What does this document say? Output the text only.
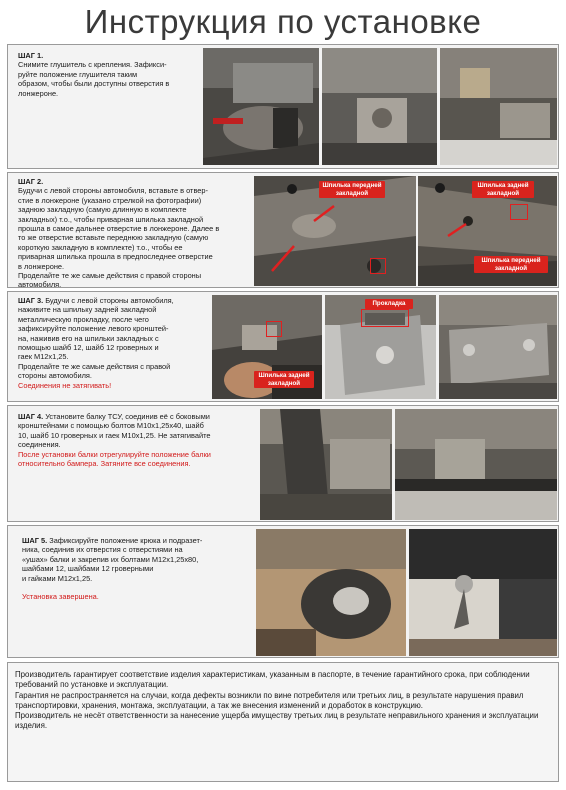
Инструкция по установке
ШАГ 1.
Снимите глушитель с крепления. Зафикси-
руйте положение глушителя таким
образом, чтобы были доступны отверстия в
лонжероне.
ШАГ 2.
Будучи с левой стороны автомобиля, вставьте в отвер-
стие в лонжероне (указано стрелкой на фотографии)
заднюю закладную (самую длинную в комплекте
закладных) т.о., чтобы приварная шпилька закладной
прошла в самое дальнее отверстие в лонжероне. Далее в
то же отверстие вставьте переднюю закладную (самую
короткую закладную в комплекте) т.о., чтобы ее
приварная шпилька прошла в предпоследнее отверстие
в лонжероне.
Проделайте те же самые действия с правой стороны
автомобиля.
Шпилька передней закладной
Шпилька задней закладной
Шпилька передней закладной
ШАГ 3. Будучи с левой стороны автомобиля,
наживите на шпильку задней закладной
металлическую прокладку, после чего
зафиксируйте положение левого кронштей-
на, наживив его на шпильки закладных с
помощью шайб 12, шайб 12 гроверных и
гаек М12х1,25.
Проделайте те же самые действия с правой
стороны автомобиля.
Соединения не затягивать!
Шпилька задней закладной
Прокладка
ШАГ 4. Установите балку ТСУ, соединив её с боковыми
кронштейнами с помощью болтов М10х1,25х40, шайб
10, шайб 10 гроверных и гаек М10х1,25. Не затягивайте
соединения.
После установки балки отрегулируйте положение балки
относительно бампера. Затяните все соединения.
ШАГ 5. Зафиксируйте положение крюка и подразет-
ника, соединив их отверстия с отверстиями на
«ушах» балки и закрепив их болтами М12х1,25х80,
шайбами 12, шайбами 12 гроверными
и гайками М12х1,25.

Установка завершена.

Производитель гарантирует соответствие изделия характеристикам, указанным в паспорте, в течение гарантийного срока, при соблюдении требований по установке и эксплуатации.

Гарантия не распространяется на случаи, когда дефекты возникли по вине потребителя или третьих лиц, в результате нарушения правил транспортировки, хранения, монтажа, эксплуатации, а так же внесения изменений и доработок в конструкцию.

Производитель не несёт ответственности за нанесение ущерба имуществу третьих лиц в результате неправильного хранения и эксплуатации изделия.
